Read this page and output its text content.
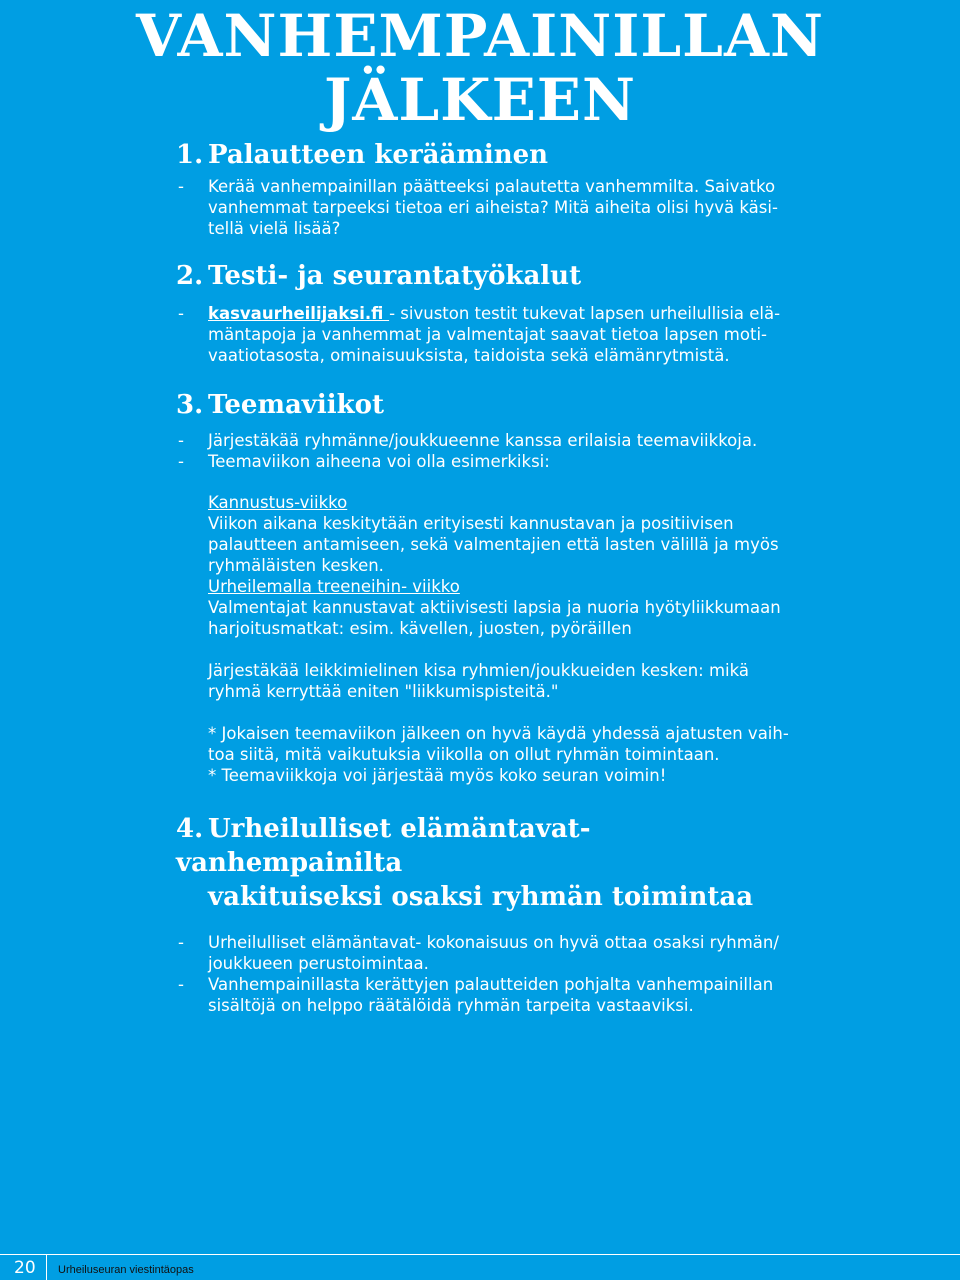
VANHEMPAINILLAN JÄLKEEN
1. Palautteen kerääminen
- Kerää vanhempainillan päätteeksi palautetta vanhemmilta. Saivatko
vanhemmat tarpeeksi tietoa eri aiheista? Mitä aiheita olisi hyvä käsi-
tellä vielä lisää?
2. Testi- ja seurantatyökalut
- kasvaurheilijaksi.fi - sivuston testit tukevat lapsen urheilullisia elä-
mäntapoja ja vanhemmat ja valmentajat saavat tietoa lapsen moti-
vaatiotasosta, ominaisuuksista, taidoista sekä elämänrytmistä.
3. Teemaviikot
- Järjestäkää ryhmänne/joukkueenne kanssa erilaisia teemaviikkoja.
- Teemaviikon aiheena voi olla esimerkiksi:
Kannustus-viikko
Viikon aikana keskitytään erityisesti kannustavan ja positiivisen
palautteen antamiseen, sekä valmentajien että lasten välillä ja myös
ryhmäläisten kesken.
Urheilemalla treeneihin- viikko
Valmentajat kannustavat aktiivisesti lapsia ja nuoria hyötyliikkumaan
harjoitusmatkat: esim. kävellen, juosten, pyöräillen
Järjestäkää leikkimielinen kisa ryhmien/joukkueiden kesken: mikä
ryhmä kerryttää eniten "liikkumispisteitä."
* Jokaisen teemaviikon jälkeen on hyvä käydä yhdessä ajatusten vaih-
toa siitä, mitä vaikutuksia viikolla on ollut ryhmän toimintaan.
* Teemaviikkoja voi järjestää myös koko seuran voimin!
4. Urheilulliset elämäntavat- vanhempainilta
vakituiseksi osaksi ryhmän toimintaa
- Urheilulliset elämäntavat- kokonaisuus on hyvä ottaa osaksi ryhmän/
joukkueen perustoimintaa.
- Vanhempainillasta kerättyjen palautteiden pohjalta vanhempainillan
sisältöjä on helppo räätälöidä ryhmän tarpeita vastaaviksi.
20 Urheiluseuran viestintäopas
